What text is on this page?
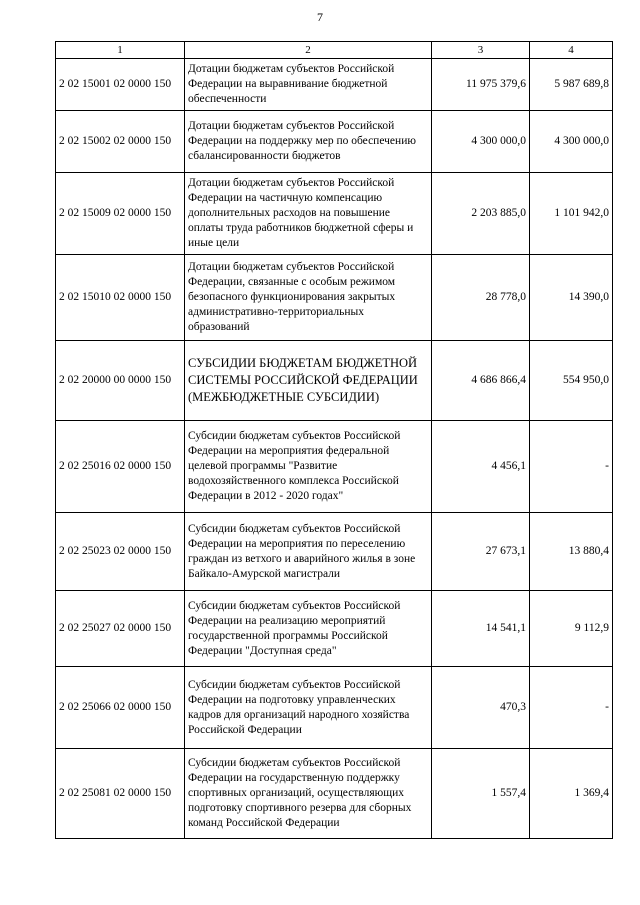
7
1	2	3	4
2 02 15001 02 0000 150	Дотации бюджетам субъектов Российской Федерации на выравнивание бюджетной обеспеченности	11 975 379,6	5 987 689,8
2 02 15002 02 0000 150	Дотации бюджетам субъектов Российской Федерации на поддержку мер по обеспечению сбалансированности бюджетов	4 300 000,0	4 300 000,0
2 02 15009 02 0000 150	Дотации бюджетам субъектов Российской Федерации на частичную компенсацию дополнительных расходов на повышение оплаты труда работников бюджетной сферы и иные цели	2 203 885,0	1 101 942,0
2 02 15010 02 0000 150	Дотации бюджетам субъектов Российской Федерации, связанные с особым режимом безопасного функционирования закрытых административно-территориальных образований	28 778,0	14 390,0
2 02 20000 00 0000 150	СУБСИДИИ БЮДЖЕТАМ БЮДЖЕТНОЙ СИСТЕМЫ РОССИЙСКОЙ ФЕДЕРАЦИИ (МЕЖБЮДЖЕТНЫЕ СУБСИДИИ)	4 686 866,4	554 950,0
2 02 25016 02 0000 150	Субсидии бюджетам субъектов Российской Федерации на мероприятия федеральной целевой программы "Развитие водохозяйственного комплекса Российской Федерации в 2012 - 2020 годах"	4 456,1	-
2 02 25023 02 0000 150	Субсидии бюджетам субъектов Российской Федерации на мероприятия по переселению граждан из ветхого и аварийного жилья в зоне Байкало-Амурской магистрали	27 673,1	13 880,4
2 02 25027 02 0000 150	Субсидии бюджетам субъектов Российской Федерации на реализацию мероприятий государственной программы Российской Федерации "Доступная среда"	14 541,1	9 112,9
2 02 25066 02 0000 150	Субсидии бюджетам субъектов Российской Федерации на подготовку управленческих кадров для организаций народного хозяйства Российской Федерации	470,3	-
2 02 25081 02 0000 150	Субсидии бюджетам субъектов Российской Федерации на государственную поддержку спортивных организаций, осуществляющих подготовку спортивного резерва для сборных команд Российской Федерации	1 557,4	1 369,4
